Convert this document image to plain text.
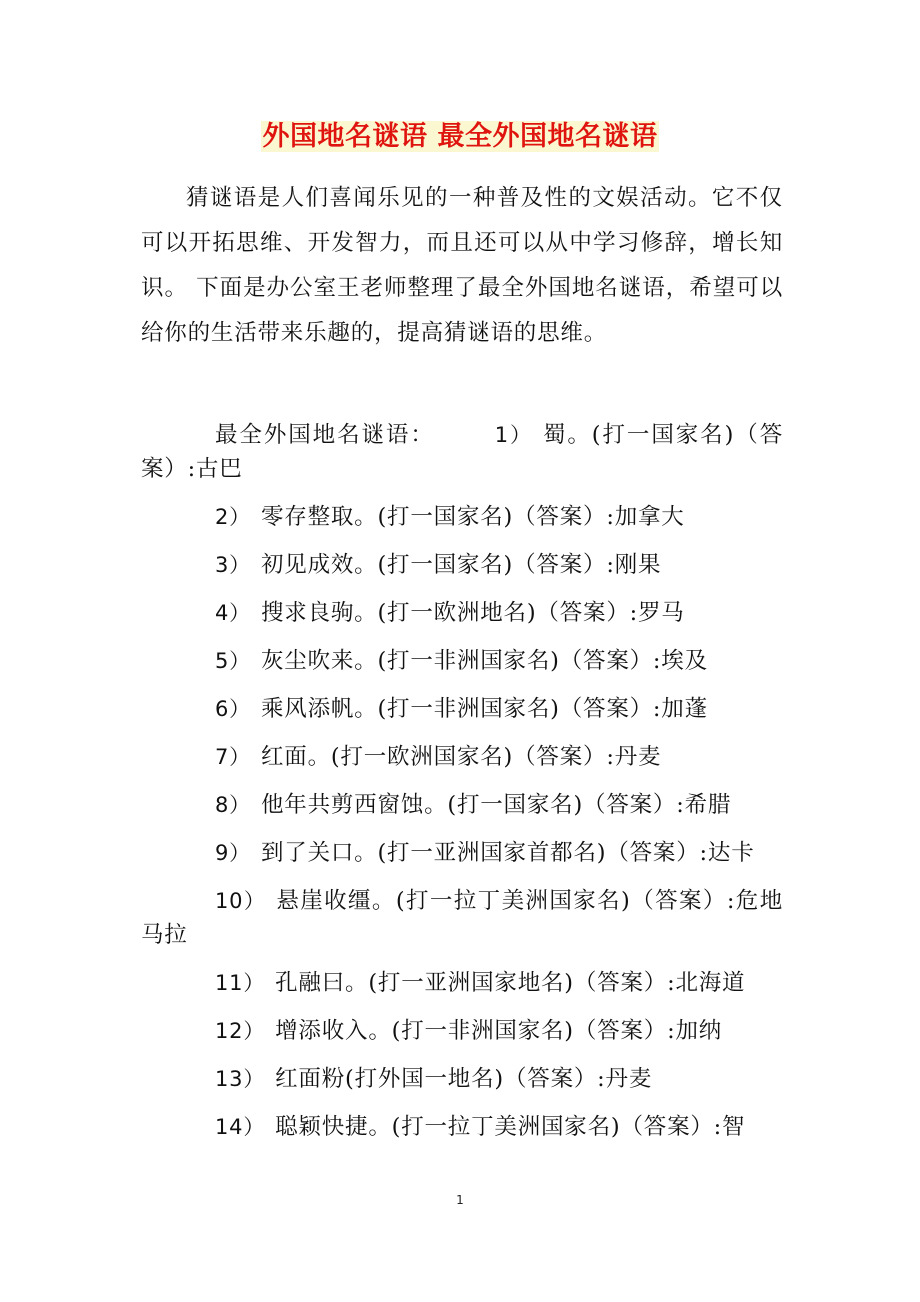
外国地名谜语 最全外国地名谜语
猜谜语是人们喜闻乐见的一种普及性的文娱活动。它不仅可以开拓思维、开发智力，而且还可以从中学习修辞，增长知识。 下面是办公室王老师整理了最全外国地名谜语，希望可以给你的生活带来乐趣的，提高猜谜语的思维。

最全外国地名谜语：	1） 蜀。(打一国家名)（答案）:古巴

2） 零存整取。(打一国家名)（答案）:加拿大

3） 初见成效。(打一国家名)（答案）:刚果

4） 搜求良驹。(打一欧洲地名)（答案）:罗马

5） 灰尘吹来。(打一非洲国家名)（答案）:埃及

6） 乘风添帆。(打一非洲国家名)（答案）:加蓬

7） 红面。(打一欧洲国家名)（答案）:丹麦

8） 他年共剪西窗蚀。(打一国家名)（答案）:希腊

9） 到了关口。(打一亚洲国家首都名)（答案）:达卡

10） 悬崖收缰。(打一拉丁美洲国家名)（答案）:危地马拉

11） 孔融曰。(打一亚洲国家地名)（答案）:北海道

12） 增添收入。(打一非洲国家名)（答案）:加纳

13） 红面粉(打外国一地名)（答案）:丹麦

14） 聪颖快捷。(打一拉丁美洲国家名)（答案）:智

1
